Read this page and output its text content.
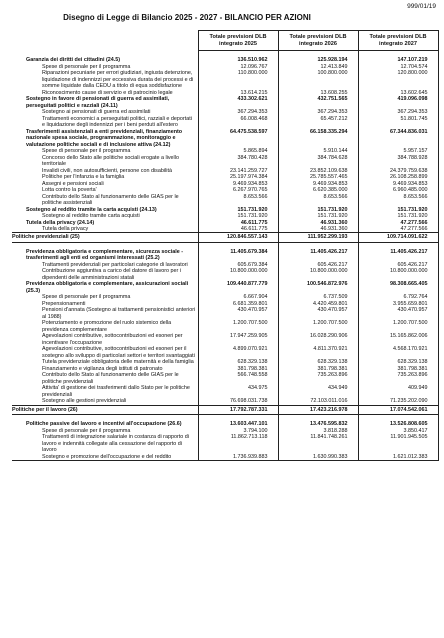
999/01/19
Disegno di Legge di Bilancio 2025 - 2027 - BILANCIO PER AZIONI
	Totale previsioni DLB integrato 2025	Totale previsioni DLB integrato 2026	Totale previsioni DLB integrato 2027

Garanzia dei diritti dei cittadini (24.5)	136.510.962	125.928.194	147.107.219
Spese di personale per il programma	12.096.767	12.413.849	12.704.574
Riparazioni pecuniarie per errori giudiziari, ingiusta detenzione, liquidazione di indennizzi per eccessiva durata dei processi e di somme liquidate dalla CEDU a titolo di equa soddisfazione	110.800.000	100.800.000	120.800.000
Riconoscimento cause di servizio e di patrocinio legale	13.614.215	13.608.255	13.602.645
Sostegno in favore di pensionati di guerra ed assimilati, perseguitati politici e razziali (24.11)	433.302.621	432.751.565	419.096.098
Sostegno ai pensionati di guerra ed assimilati	367.294.353	367.294.353	367.294.353
Trattamenti economici a perseguitati politici, razziali e deportati e liquidazione degli indennizzi per i beni perduti all'estero	66.008.468	65.457.212	51.801.745
Trasferimenti assistenziali a enti previdenziali, finanziamento nazionale spesa sociale, programmazione, monitoraggio e valutazione politiche sociali e di inclusione attiva (24.12)	64.475.538.597	66.158.335.294	67.344.836.031
Spese di personale per il programma	5.865.894	5.910.144	5.957.157
Concorso dello Stato alle politiche sociali erogate a livello territoriale	384.780.428	384.784.628	384.788.928
Invalidi civili, non autosufficienti, persone con disabilità	23.141.259.727	23.852.109.638	24.379.759.638
Politiche per l'infanzia e la famiglia	25.197.974.384	25.785.557.465	26.108.258.899
Assegni e pensioni sociali	9.469.934.853	9.469.934.853	9.469.934.853
Lotta contro la poverta'	6.267.970.765	6.620.385.000	6.960.485.000
Contributo dello Stato al funzionamento delle GIAS per le politiche assistenziali	8.653.566	8.653.566	8.653.566
Sostegno al reddito tramite la carta acquisti (24.13)	151.731.920	151.731.920	151.731.920
Sostegno al reddito tramite carta acquisti	151.731.920	151.731.920	151.731.920
Tutela della privacy (24.14)	46.611.775	46.931.360	47.277.566
Tutela della privacy	46.611.775	46.931.360	47.277.566
Politiche previdenziali (25)	120.846.557.143	111.952.299.193	109.714.091.622

Previdenza obbligatoria e complementare, sicurezza sociale - trasferimenti agli enti ed organismi interessati (25.2)	11.405.679.384	11.405.426.217	11.405.426.217
Trattamenti previdenziali per particolari categorie di lavoratori	605.679.384	605.426.217	605.426.217
Contribuzione aggiuntiva a carico del datore di lavoro per i dipendenti delle amministrazioni statali	10.800.000.000	10.800.000.000	10.800.000.000
Previdenza obbligatoria e complementare, assicurazioni sociali (25.3)	109.440.877.779	100.546.872.976	98.308.665.405
Spese di personale per il programma	6.667.904	6.737.509	6.792.764
Prepensionamenti	6.681.359.801	4.420.459.801	3.955.659.801
Pensioni d'annata (Sostegno ai trattamenti pensionistici anteriori al 1988)	430.470.957	430.470.957	430.470.957
Potenziamento e promozione del ruolo sistemico della previdenza complementare	1.200.707.500	1.200.707.500	1.200.707.500
Agevolazioni contributive, sottocontribuzioni ed esoneri per incentivare l'occupazione	17.947.259.905	16.028.290.906	15.165.862.006
Agevolazioni contributive, sottocontribuzioni ed esoneri per il sostegno allo sviluppo di particolari settori e territori svantaggiati	4.899.070.921	4.811.370.921	4.568.170.921
Tutela previdenziale obbligatoria delle maternità e della famiglia	628.329.138	628.329.138	628.329.138
Finanziamento e vigilanza degli istituti di patronato	381.798.381	381.798.381	381.798.381
Contributo dello Stato al funzionamento delle GIAS per le politiche previdenziali	566.748.558	735.263.896	735.263.896
Attivita' di gestione dei trasferimenti dallo Stato per le politiche previdenziali	434.975	434.949	409.949
Sostegno alle gestioni previdenziali	76.698.031.738	72.103.011.016	71.235.202.090
Politiche per il lavoro (26)	17.792.787.331	17.423.216.978	17.074.542.061

Politiche passive del lavoro e incentivi all'occupazione (26.6)	13.603.447.101	13.476.595.832	13.526.808.605
Spese di personale per il programma	3.794.100	3.818.288	3.850.417
Trattamenti di integrazione salariale in costanza di rapporto di lavoro e indennità collegate alla cessazione del rapporto di lavoro	11.862.713.118	11.841.748.261	11.901.945.505
Sostegno e promozione dell'occupazione e del reddito	1.736.939.883	1.630.990.383	1.621.012.383
